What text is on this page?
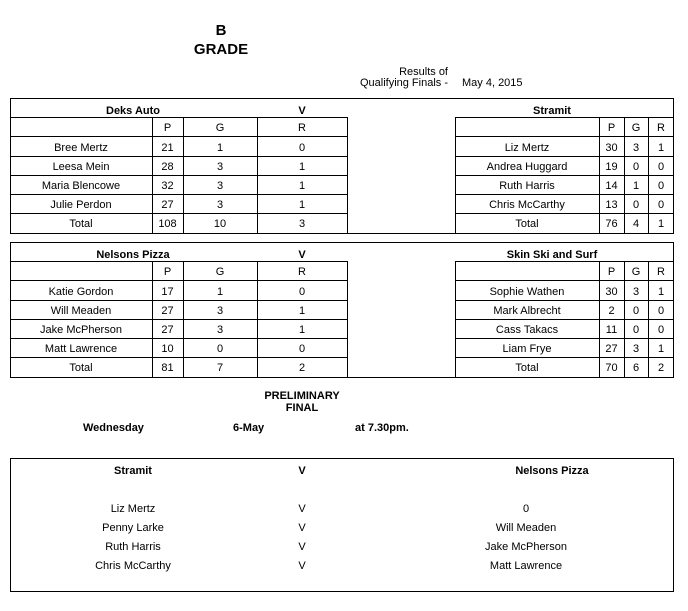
B
GRADE
Results of
Qualifying Finals - May 4, 2015
Deks Auto	V	Stramit
P	G	R
Bree Mertz	21	1	0
Leesa Mein	28	3	1
Maria Blencowe	32	3	1
Julie Perdon	27	3	1
Total	108	10	3
P	G	R
Liz Mertz	30	3	1
Andrea Huggard	19	0	0
Ruth Harris	14	1	0
Chris McCarthy	13	0	0
Total	76	4	1
Nelsons Pizza	V	Skin Ski and Surf
P	G	R
Katie Gordon	17	1	0
Will Meaden	27	3	1
Jake McPherson	27	3	1
Matt Lawrence	10	0	0
Total	81	7	2
P	G	R
Sophie Wathen	30	3	1
Mark Albrecht	2	0	0
Cass Takacs	11	0	0
Liam Frye	27	3	1
Total	70	6	2
PRELIMINARY
FINAL
Wednesday	6-May	at 7.30pm.
Stramit	V	Nelsons Pizza
Liz Mertz	V	0
Penny Larke	V	Will Meaden
Ruth Harris	V	Jake McPherson
Chris McCarthy	V	Matt Lawrence
